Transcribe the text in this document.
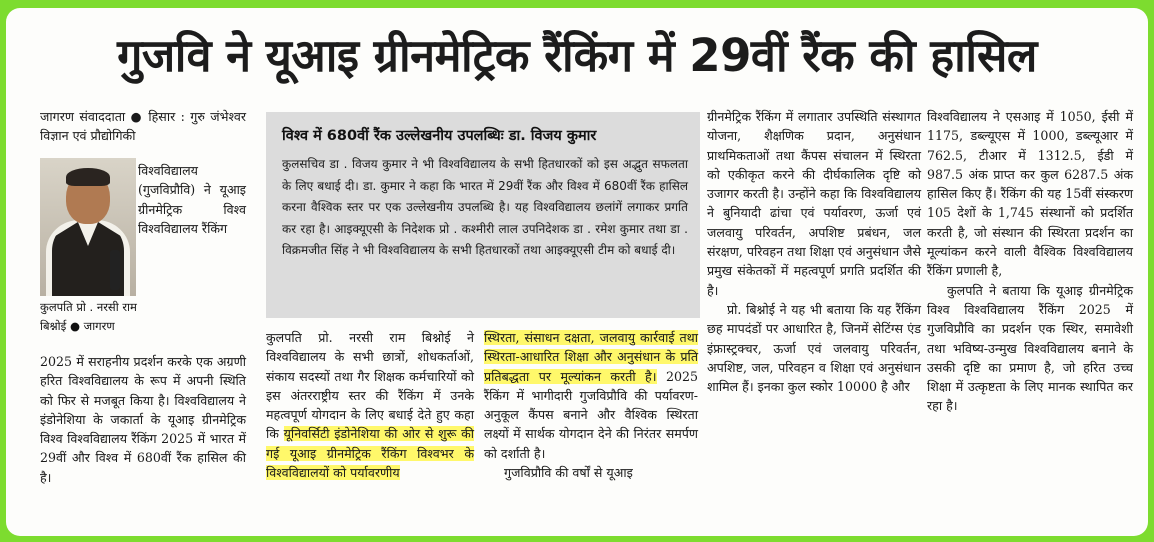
गुजवि ने यूआइ ग्रीनमेट्रिक रैंकिंग में 29वीं रैंक की हासिल

जागरण संवाददाता ● हिसार : गुरु जंभेश्वर विज्ञान एवं प्रौद्योगिकी

विश्वविद्यालय (गुजविप्रौवि) ने यूआइ ग्रीनमेट्रिक विश्व विश्वविद्यालय रैंकिंग

कुलपति प्रो . नरसी राम बिश्नोई ● जागरण

2025 में सराहनीय प्रदर्शन करके एक अग्रणी हरित विश्वविद्यालय के रूप में अपनी स्थिति को फिर से मजबूत किया है। विश्वविद्यालय ने इंडोनेशिया के जकार्ता के यूआइ ग्रीनमेट्रिक विश्व विश्वविद्यालय रैंकिंग 2025 में भारत में 29वीं और विश्व में 680वीं रैंक हासिल की है।

विश्व में 680वीं रैंक उल्लेखनीय उपलब्धिः डा. विजय कुमार
कुलसचिव डा . विजय कुमार ने भी विश्वविद्यालय के सभी हितधारकों को इस अद्भुत सफलता के लिए बधाई दी। डा. कुमार ने कहा कि भारत में 29वीं रैंक और विश्व में 680वीं रैंक हासिल करना वैश्विक स्तर पर एक उल्लेखनीय उपलब्धि है। यह विश्वविद्यालय छलांगें लगाकर प्रगति कर रहा है। आइक्यूएसी के निदेशक प्रो . कश्मीरी लाल उपनिदेशक डा . रमेश कुमार तथा डा . विक्रमजीत सिंह ने भी विश्वविद्यालय के सभी हितधारकों तथा आइक्यूएसी टीम को बधाई दी।

कुलपति प्रो. नरसी राम बिश्नोई ने विश्वविद्यालय के सभी छात्रों, शोधकर्ताओं, संकाय सदस्यों तथा गैर शिक्षक कर्मचारियों को इस अंतरराष्ट्रीय स्तर की रैंकिंग में उनके महत्वपूर्ण योगदान के लिए बधाई देते हुए कहा कि यूनिवर्सिटी इंडोनेशिया की ओर से शुरू की गई यूआइ ग्रीनमेट्रिक रैंकिंग विश्वभर के विश्वविद्यालयों को पर्यावरणीय

स्थिरता, संसाधन दक्षता, जलवायु कार्रवाई तथा स्थिरता-आधारित शिक्षा और अनुसंधान के प्रति प्रतिबद्धता पर मूल्यांकन करती है। 2025 रैंकिंग में भागीदारी गुजविप्रौवि की पर्यावरण-अनुकूल कैंपस बनाने और वैश्विक स्थिरता लक्ष्यों में सार्थक योगदान देने की निरंतर समर्पण को दर्शाती है।

गुजविप्रौवि की वर्षों से यूआइ

ग्रीनमेट्रिक रैंकिंग में लगातार उपस्थिति संस्थागत योजना, शैक्षणिक प्रदान, अनुसंधान प्राथमिकताओं तथा कैंपस संचालन में स्थिरता को एकीकृत करने की दीर्घकालिक दृष्टि को उजागर करती है। उन्होंने कहा कि विश्वविद्यालय ने बुनियादी ढांचा एवं पर्यावरण, ऊर्जा एवं जलवायु परिवर्तन, अपशिष्ट प्रबंधन, जल संरक्षण, परिवहन तथा शिक्षा एवं अनुसंधान जैसे प्रमुख संकेतकों में महत्वपूर्ण प्रगति प्रदर्शित की है।

प्रो. बिश्नोई ने यह भी बताया कि यह रैंकिंग छह मापदंडों पर आधारित है, जिनमें सेटिंग्स एंड इंफ्रास्ट्रक्चर, ऊर्जा एवं जलवायु परिवर्तन, अपशिष्ट, जल, परिवहन व शिक्षा एवं अनुसंधान शामिल हैं। इनका कुल स्कोर 10000 है और

विश्वविद्यालय ने एसआइ में 1050, ईसी में 1175, डब्ल्यूएस में 1000, डब्ल्यूआर में 762.5, टीआर में 1312.5, ईडी में 987.5 अंक प्राप्त कर कुल 6287.5 अंक हासिल किए हैं। रैंकिंग की यह 15वीं संस्करण 105 देशों के 1,745 संस्थानों को प्रदर्शित करती है, जो संस्थान की स्थिरता प्रदर्शन का मूल्यांकन करने वाली वैश्विक विश्वविद्यालय रैंकिंग प्रणाली है,

कुलपति ने बताया कि यूआइ ग्रीनमेट्रिक विश्व विश्वविद्यालय रैंकिंग 2025 में गुजविप्रौवि का प्रदर्शन एक स्थिर, समावेशी तथा भविष्य-उन्मुख विश्वविद्यालय बनाने के उसकी दृष्टि का प्रमाण है, जो हरित उच्च शिक्षा में उत्कृष्टता के लिए मानक स्थापित कर रहा है।
